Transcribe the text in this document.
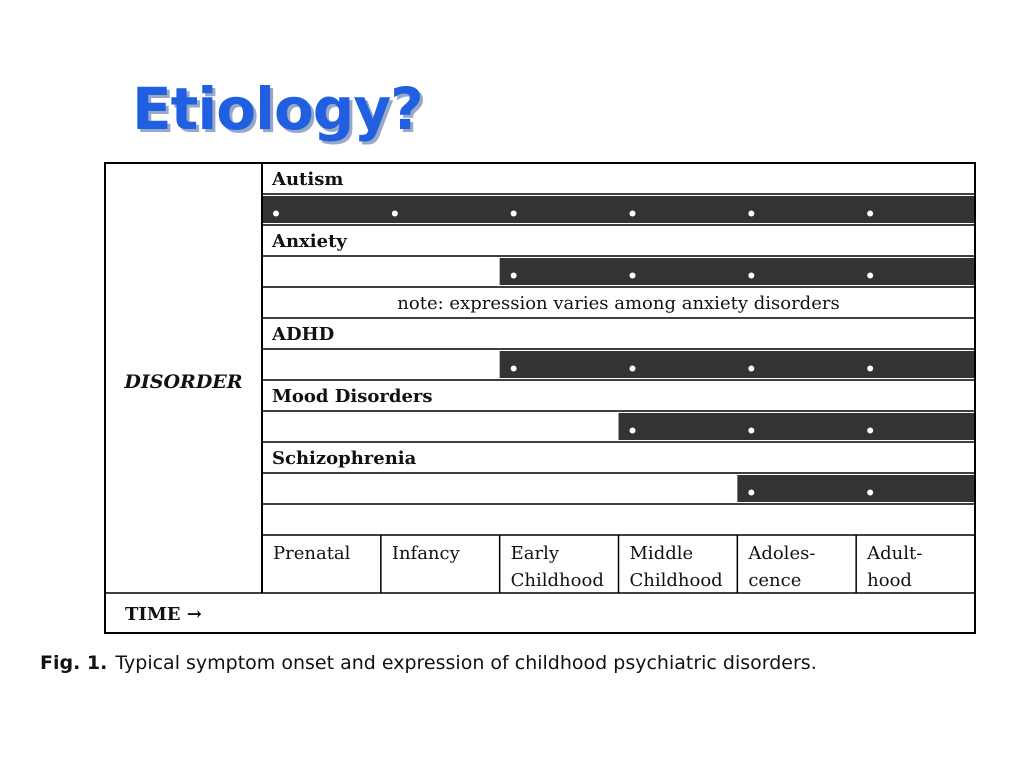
Etiology?
Autism
Anxiety
note: expression varies among anxiety disorders
ADHD
Mood Disorders
Schizophrenia
Prenatal Infancy	Early
Childhood
Middle
Childhood
Adoles-
cence
Adult-
hood
TIME →
DISORDER
Fig. 1. Typical symptom onset and expression of childhood psychiatric disorders.
